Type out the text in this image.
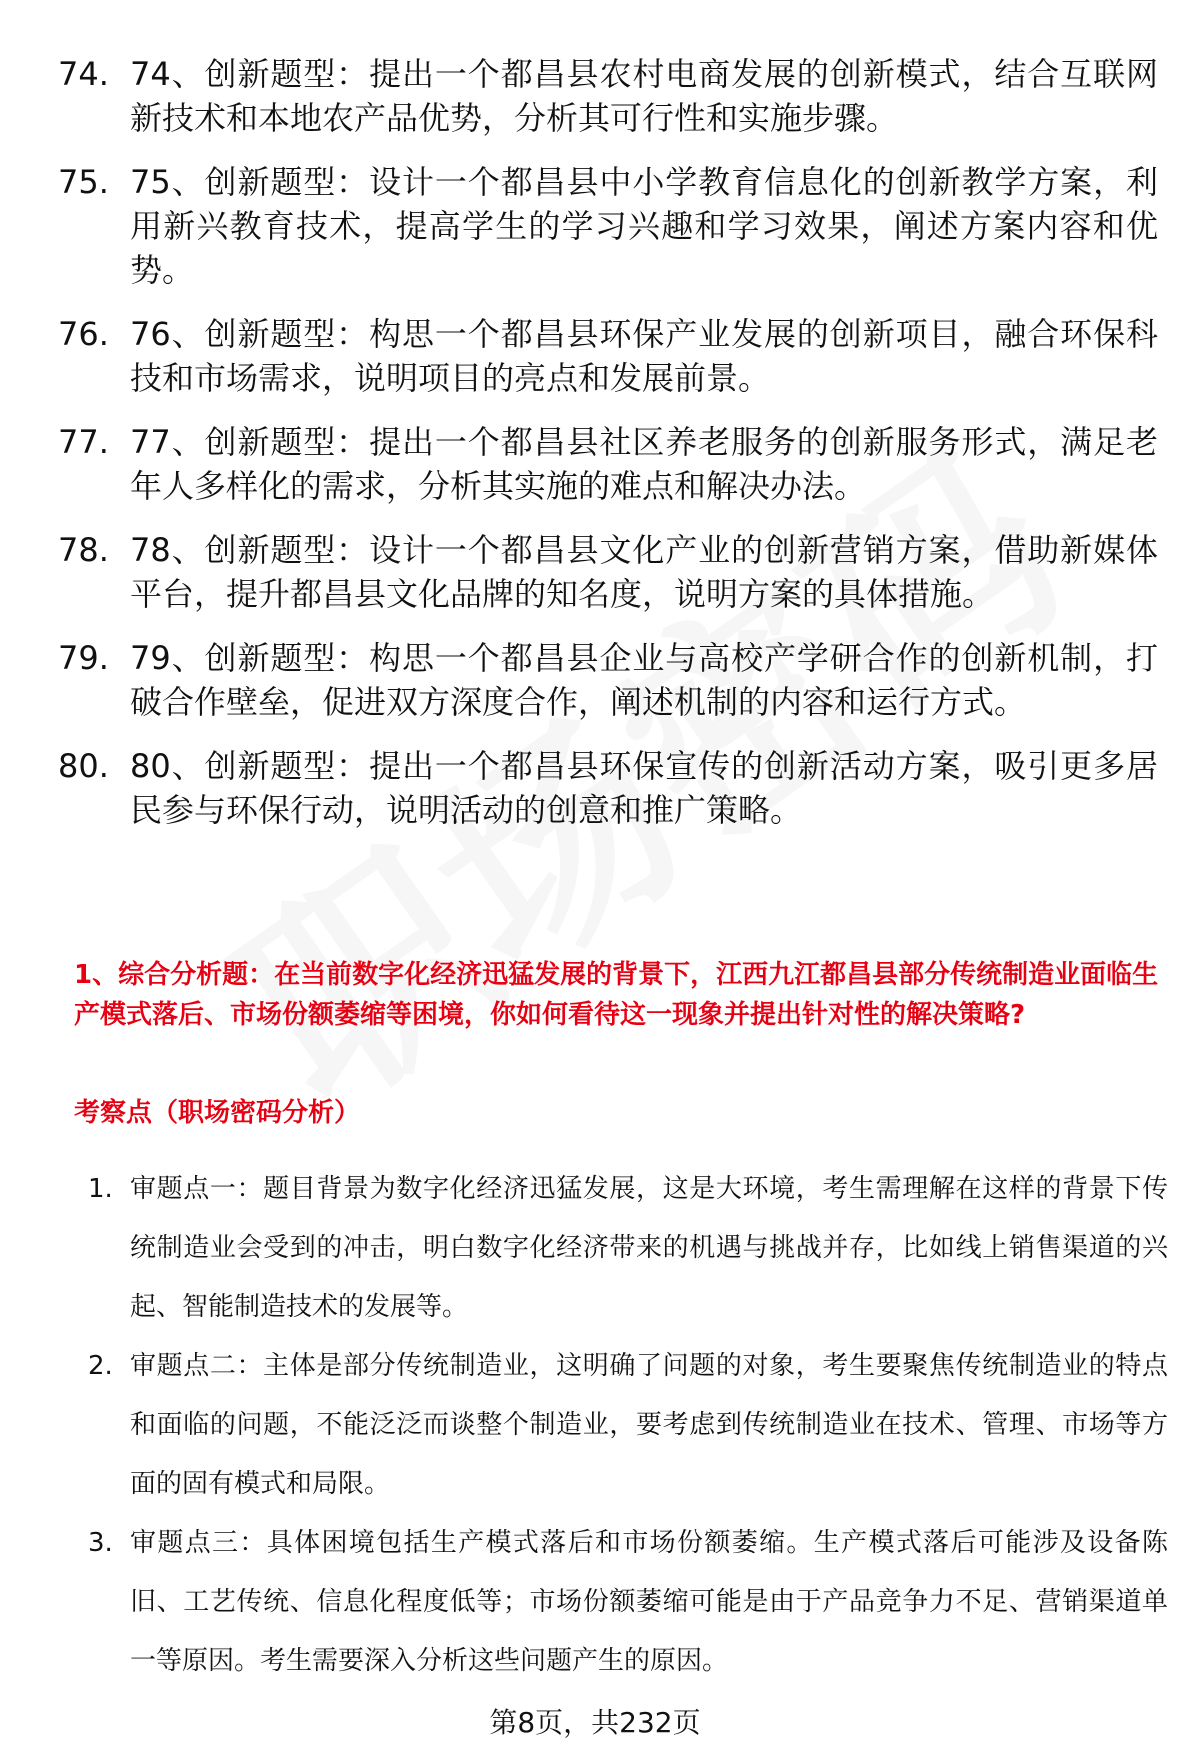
74. 74、创新题型：提出一个都昌县农村电商发展的创新模式，结合互联网新技术和本地农产品优势，分析其可行性和实施步骤。
75. 75、创新题型：设计一个都昌县中小学教育信息化的创新教学方案，利用新兴教育技术，提高学生的学习兴趣和学习效果，阐述方案内容和优势。
76. 76、创新题型：构思一个都昌县环保产业发展的创新项目，融合环保科技和市场需求，说明项目的亮点和发展前景。
77. 77、创新题型：提出一个都昌县社区养老服务的创新服务形式，满足老年人多样化的需求，分析其实施的难点和解决办法。
78. 78、创新题型：设计一个都昌县文化产业的创新营销方案，借助新媒体平台，提升都昌县文化品牌的知名度，说明方案的具体措施。
79. 79、创新题型：构思一个都昌县企业与高校产学研合作的创新机制，打破合作壁垒，促进双方深度合作，阐述机制的内容和运行方式。
80. 80、创新题型：提出一个都昌县环保宣传的创新活动方案，吸引更多居民参与环保行动，说明活动的创意和推广策略。
1、综合分析题：在当前数字化经济迅猛发展的背景下，江西九江都昌县部分传统制造业面临生产模式落后、市场份额萎缩等困境，你如何看待这一现象并提出针对性的解决策略?
考察点（职场密码分析）
1. 审题点一：题目背景为数字化经济迅猛发展，这是大环境，考生需理解在这样的背景下传统制造业会受到的冲击，明白数字化经济带来的机遇与挑战并存，比如线上销售渠道的兴起、智能制造技术的发展等。
2. 审题点二：主体是部分传统制造业，这明确了问题的对象，考生要聚焦传统制造业的特点和面临的问题，不能泛泛而谈整个制造业，要考虑到传统制造业在技术、管理、市场等方面的固有模式和局限。
3. 审题点三：具体困境包括生产模式落后和市场份额萎缩。生产模式落后可能涉及设备陈旧、工艺传统、信息化程度低等；市场份额萎缩可能是由于产品竞争力不足、营销渠道单一等原因。考生需要深入分析这些问题产生的原因。
第8页，共232页
